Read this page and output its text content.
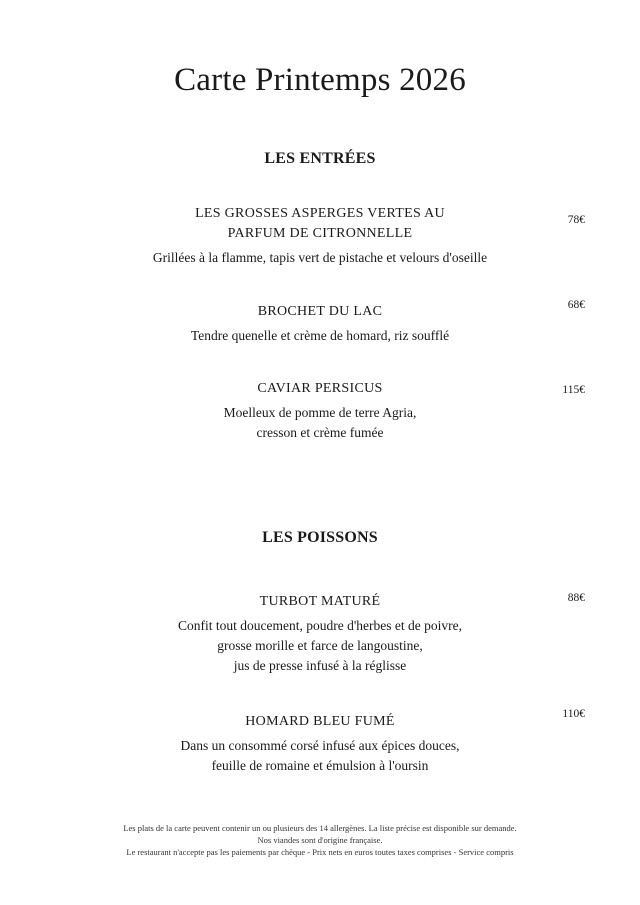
Carte Printemps 2026
LES ENTRÉES
LES GROSSES ASPERGES VERTES AU
PARFUM DE CITRONNELLE
Grillées à la flamme, tapis vert de pistache et velours d'oseille
78€
BROCHET DU LAC
Tendre quenelle et crème de homard, riz soufflé
68€
CAVIAR PERSICUS
Moelleux de pomme de terre Agria,
cresson et crème fumée
115€
LES POISSONS
TURBOT MATURÉ
Confit tout doucement, poudre d'herbes et de poivre,
grosse morille et farce de langoustine,
jus de presse infusé à la réglisse
88€
HOMARD BLEU FUMÉ
Dans un consommé corsé infusé aux épices douces,
feuille de romaine et émulsion à l'oursin
110€
Les plats de la carte peuvent contenir un ou plusieurs des 14 allergènes. La liste précise est disponible sur demande.
Nos viandes sont d'origine française.
Le restaurant n'accepte pas les paiements par chèque - Prix nets en euros toutes taxes comprises - Service compris
